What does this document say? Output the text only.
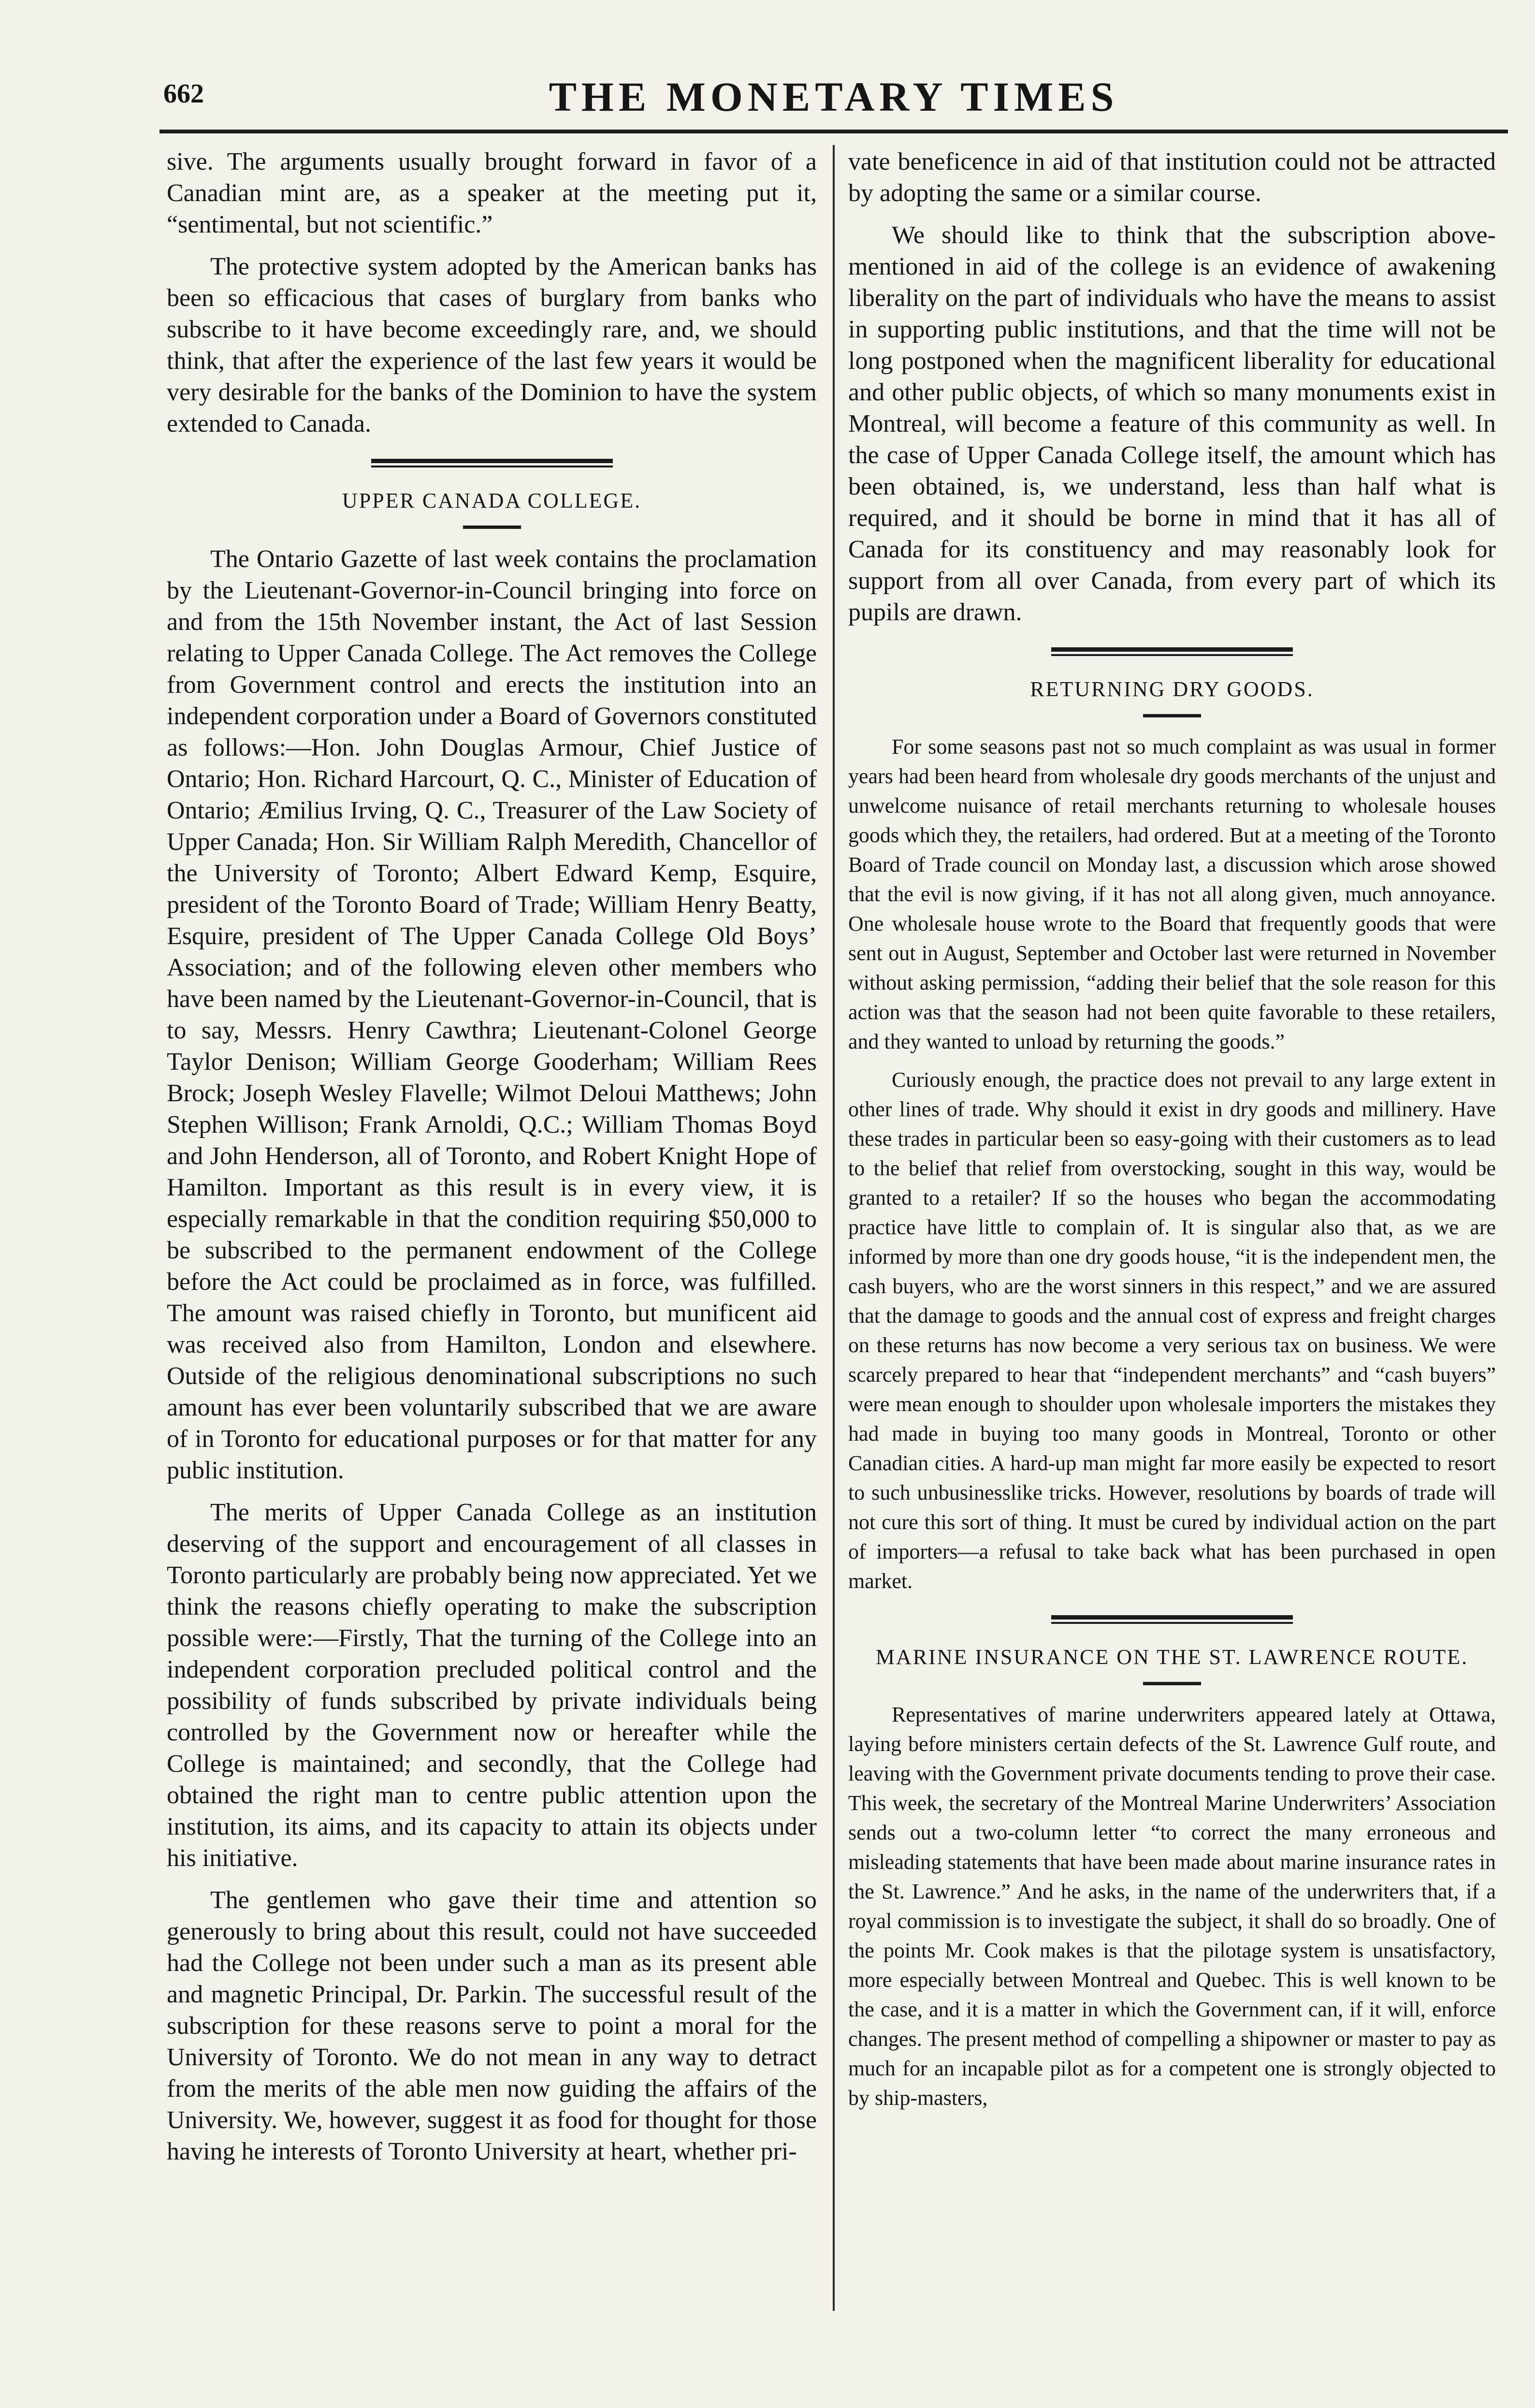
662	THE MONETARY TIMES

sive. The arguments usually brought forward in favor of a Canadian mint are, as a speaker at the meeting put it, “sentimental, but not scientific.”

The protective system adopted by the American banks has been so efficacious that cases of burglary from banks who subscribe to it have become exceedingly rare, and, we should think, that after the experience of the last few years it would be very desirable for the banks of the Dominion to have the system extended to Canada.

UPPER CANADA COLLEGE.

The Ontario Gazette of last week contains the proclamation by the Lieutenant-Governor-in-Council bringing into force on and from the 15th November instant, the Act of last Session relating to Upper Canada College. The Act removes the College from Government control and erects the institution into an independent corporation under a Board of Governors constituted as follows:—Hon. John Douglas Armour, Chief Justice of Ontario; Hon. Richard Harcourt, Q. C., Minister of Education of Ontario; Æmilius Irving, Q. C., Treasurer of the Law Society of Upper Canada; Hon. Sir William Ralph Meredith, Chancellor of the University of Toronto; Albert Edward Kemp, Esquire, president of the Toronto Board of Trade; William Henry Beatty, Esquire, president of The Upper Canada College Old Boys’ Association; and of the following eleven other members who have been named by the Lieutenant-Governor-in-Council, that is to say, Messrs. Henry Cawthra; Lieutenant-Colonel George Taylor Denison; William George Gooderham; William Rees Brock; Joseph Wesley Flavelle; Wilmot Deloui Matthews; John Stephen Willison; Frank Arnoldi, Q.C.; William Thomas Boyd and John Henderson, all of Toronto, and Robert Knight Hope of Hamilton. Important as this result is in every view, it is especially remarkable in that the condition requiring $50,000 to be subscribed to the permanent endowment of the College before the Act could be proclaimed as in force, was fulfilled. The amount was raised chiefly in Toronto, but munificent aid was received also from Hamilton, London and elsewhere. Outside of the religious denominational subscriptions no such amount has ever been voluntarily subscribed that we are aware of in Toronto for educational purposes or for that matter for any public institution.

The merits of Upper Canada College as an institution deserving of the support and encouragement of all classes in Toronto particularly are probably being now appreciated. Yet we think the reasons chiefly operating to make the subscription possible were:—Firstly, That the turning of the College into an independent corporation precluded political control and the possibility of funds subscribed by private individuals being controlled by the Government now or hereafter while the College is maintained; and secondly, that the College had obtained the right man to centre public attention upon the institution, its aims, and its capacity to attain its objects under his initiative.

The gentlemen who gave their time and attention so generously to bring about this result, could not have succeeded had the College not been under such a man as its present able and magnetic Principal, Dr. Parkin. The successful result of the subscription for these reasons serve to point a moral for the University of Toronto. We do not mean in any way to detract from the merits of the able men now guiding the affairs of the University. We, however, suggest it as food for thought for those having he interests of Toronto University at heart, whether pri-

vate beneficence in aid of that institution could not be attracted by adopting the same or a similar course.

We should like to think that the subscription above-mentioned in aid of the college is an evidence of awakening liberality on the part of individuals who have the means to assist in supporting public institutions, and that the time will not be long postponed when the magnificent liberality for educational and other public objects, of which so many monuments exist in Montreal, will become a feature of this community as well. In the case of Upper Canada College itself, the amount which has been obtained, is, we understand, less than half what is required, and it should be borne in mind that it has all of Canada for its constituency and may reasonably look for support from all over Canada, from every part of which its pupils are drawn.

RETURNING DRY GOODS.

For some seasons past not so much complaint as was usual in former years had been heard from wholesale dry goods merchants of the unjust and unwelcome nuisance of retail merchants returning to wholesale houses goods which they, the retailers, had ordered. But at a meeting of the Toronto Board of Trade council on Monday last, a discussion which arose showed that the evil is now giving, if it has not all along given, much annoyance. One wholesale house wrote to the Board that frequently goods that were sent out in August, September and October last were returned in November without asking permission, “adding their belief that the sole reason for this action was that the season had not been quite favorable to these retailers, and they wanted to unload by returning the goods.”

Curiously enough, the practice does not prevail to any large extent in other lines of trade. Why should it exist in dry goods and millinery. Have these trades in particular been so easy-going with their customers as to lead to the belief that relief from overstocking, sought in this way, would be granted to a retailer? If so the houses who began the accommodating practice have little to complain of. It is singular also that, as we are informed by more than one dry goods house, “it is the independent men, the cash buyers, who are the worst sinners in this respect,” and we are assured that the damage to goods and the annual cost of express and freight charges on these returns has now become a very serious tax on business. We were scarcely prepared to hear that “independent merchants” and “cash buyers” were mean enough to shoulder upon wholesale importers the mistakes they had made in buying too many goods in Montreal, Toronto or other Canadian cities. A hard-up man might far more easily be expected to resort to such unbusinesslike tricks. However, resolutions by boards of trade will not cure this sort of thing. It must be cured by individual action on the part of importers—a refusal to take back what has been purchased in open market.

MARINE INSURANCE ON THE ST. LAWRENCE ROUTE.

Representatives of marine underwriters appeared lately at Ottawa, laying before ministers certain defects of the St. Lawrence Gulf route, and leaving with the Government private documents tending to prove their case. This week, the secretary of the Montreal Marine Underwriters’ Association sends out a two-column letter “to correct the many erroneous and misleading statements that have been made about marine insurance rates in the St. Lawrence.” And he asks, in the name of the underwriters that, if a royal commission is to investigate the subject, it shall do so broadly. One of the points Mr. Cook makes is that the pilotage system is unsatisfactory, more especially between Montreal and Quebec. This is well known to be the case, and it is a matter in which the Government can, if it will, enforce changes. The present method of compelling a shipowner or master to pay as much for an incapable pilot as for a competent one is strongly objected to by ship-masters,
